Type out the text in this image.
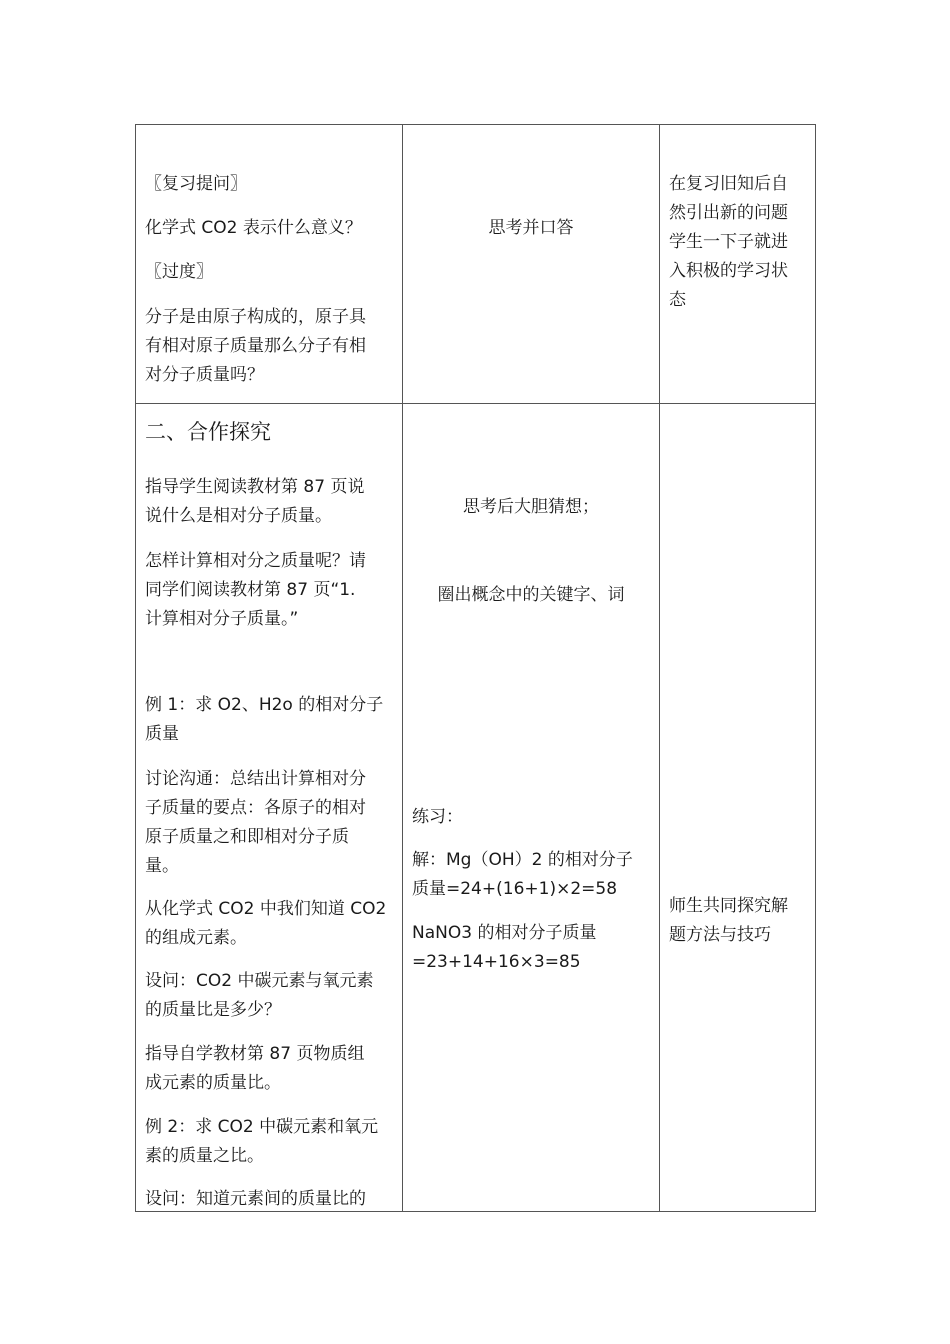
〖复习提问〗

化学式 CO2 表示什么意义？

〖过度〗

分子是由原子构成的，原子具

有相对原子质量那么分子有相

对分子质量吗？

思考并口答

在复习旧知后自

然引出新的问题

学生一下子就进

入积极的学习状

态

二、合作探究

指导学生阅读教材第 87 页说

说什么是相对分子质量。

怎样计算相对分之质量呢？请

同学们阅读教材第 87 页“1.

计算相对分子质量。”

例 1：求 O2、H2o 的相对分子

质量

讨论沟通：总结出计算相对分

子质量的要点：各原子的相对

原子质量之和即相对分子质

量。

从化学式 CO2 中我们知道 CO2

的组成元素。

设问：CO2 中碳元素与氧元素

的质量比是多少？

指导自学教材第 87 页物质组

成元素的质量比。

例 2：求 CO2 中碳元素和氧元

素的质量之比。

设问：知道元素间的质量比的

思考后大胆猜想；

圈出概念中的关键字、词

练习：

解：Mg（OH）2 的相对分子

质量=24+(16+1)×2=58

NaNO3 的相对分子质量

=23+14+16×3=85

师生共同探究解

题方法与技巧
